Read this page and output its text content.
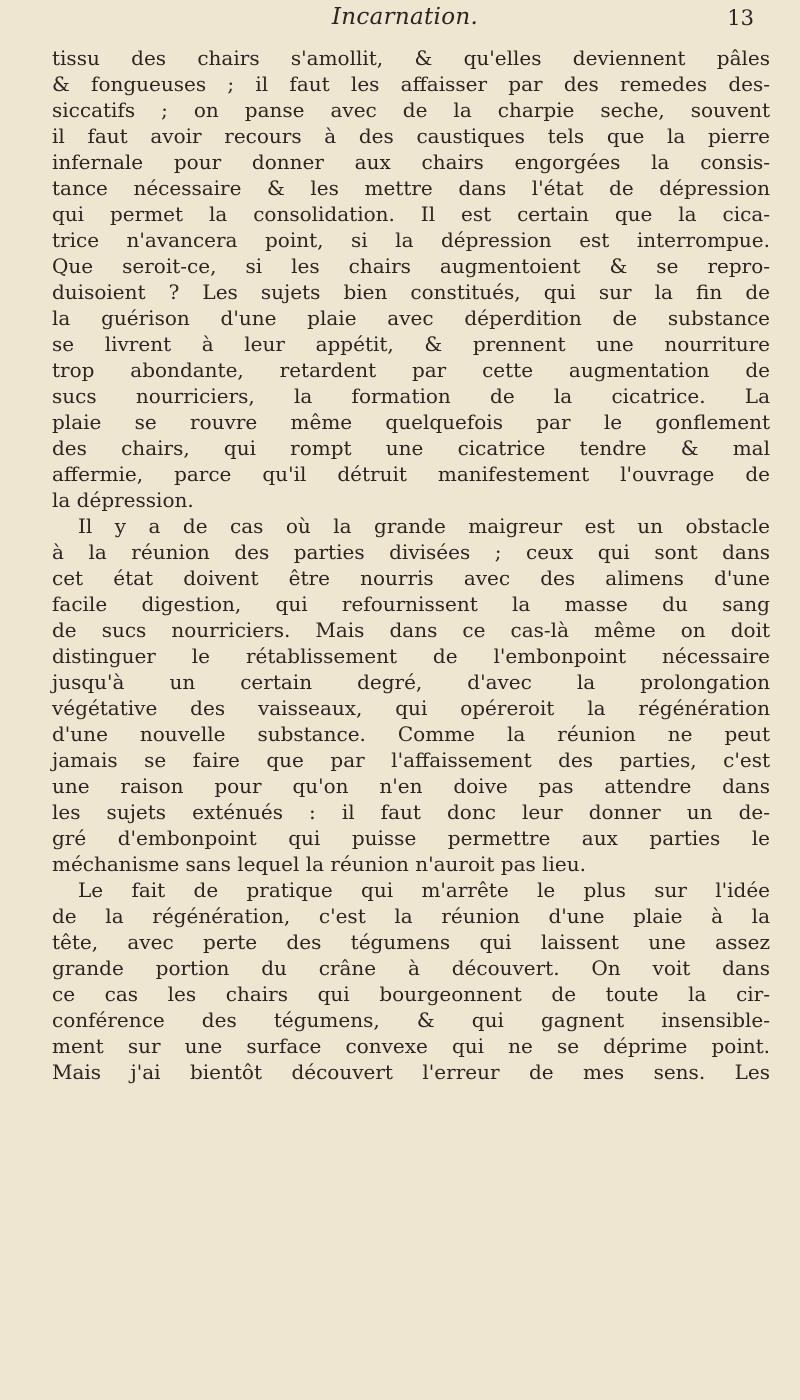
Incarnation.	13
tissu des chairs s'amollit, & qu'elles deviennent pâles
& fongueuses ; il faut les affaisser par des remedes des-
siccatifs ; on panse avec de la charpie seche, souvent
il faut avoir recours à des caustiques tels que la pierre
infernale pour donner aux chairs engorgées la consis-
tance nécessaire & les mettre dans l'état de dépression
qui permet la consolidation. Il est certain que la cica-
trice n'avancera point, si la dépression est interrompue.
Que seroit-ce, si les chairs augmentoient & se repro-
duisoient ? Les sujets bien constitués, qui sur la fin de
la guérison d'une plaie avec déperdition de substance
se livrent à leur appétit, & prennent une nourriture
trop abondante, retardent par cette augmentation de
sucs nourriciers, la formation de la cicatrice. La
plaie se rouvre même quelquefois par le gonflement
des chairs, qui rompt une cicatrice tendre & mal
affermie, parce qu'il détruit manifestement l'ouvrage de
la dépression.
Il y a de cas où la grande maigreur est un obstacle
à la réunion des parties divisées ; ceux qui sont dans
cet état doivent être nourris avec des alimens d'une
facile digestion, qui refournissent la masse du sang
de sucs nourriciers. Mais dans ce cas-là même on doit
distinguer le rétablissement de l'embonpoint nécessaire
jusqu'à un certain degré, d'avec la prolongation
végétative des vaisseaux, qui opéreroit la régénération
d'une nouvelle substance. Comme la réunion ne peut
jamais se faire que par l'affaissement des parties, c'est
une raison pour qu'on n'en doive pas attendre dans
les sujets exténués : il faut donc leur donner un de-
gré d'embonpoint qui puisse permettre aux parties le
méchanisme sans lequel la réunion n'auroit pas lieu.
Le fait de pratique qui m'arrête le plus sur l'idée
de la régénération, c'est la réunion d'une plaie à la
tête, avec perte des tégumens qui laissent une assez
grande portion du crâne à découvert. On voit dans
ce cas les chairs qui bourgeonnent de toute la cir-
conférence des tégumens, & qui gagnent insensible-
ment sur une surface convexe qui ne se déprime point.
Mais j'ai bientôt découvert l'erreur de mes sens. Les
